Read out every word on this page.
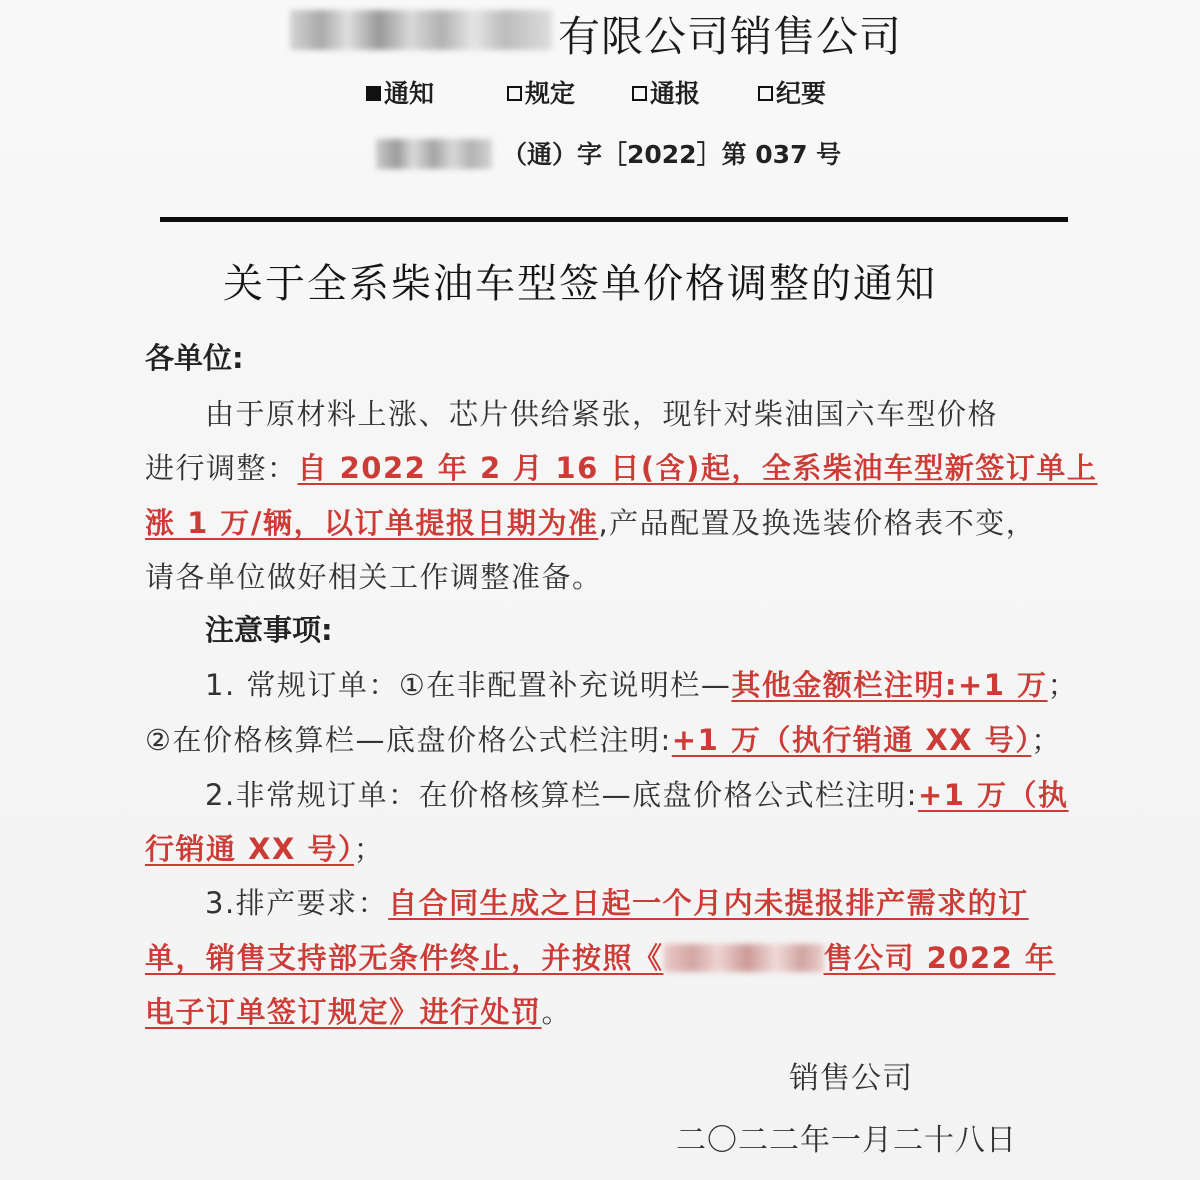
有限公司销售公司
通知	规定	通报	纪要
（通）字［2022］第 037 号
关于全系柴油车型签单价格调整的通知
各单位:
由于原材料上涨、芯片供给紧张，现针对柴油国六车型价格
进行调整：自 2022 年 2 月 16 日(含)起，全系柴油车型新签订单上
涨 1 万/辆，以订单提报日期为准,产品配置及换选装价格表不变，
请各单位做好相关工作调整准备。
注意事项:
1. 常规订单：①在非配置补充说明栏—其他金额栏注明:+1 万；
②在价格核算栏—底盘价格公式栏注明:+1 万（执行销通 XX 号）；
2.非常规订单：在价格核算栏—底盘价格公式栏注明:+1 万（执
行销通 XX 号）；
3.排产要求：自合同生成之日起一个月内未提报排产需求的订
单，销售支持部无条件终止，并按照《	售公司 2022 年
电子订单签订规定》进行处罚。
销售公司
二〇二二年一月二十八日
